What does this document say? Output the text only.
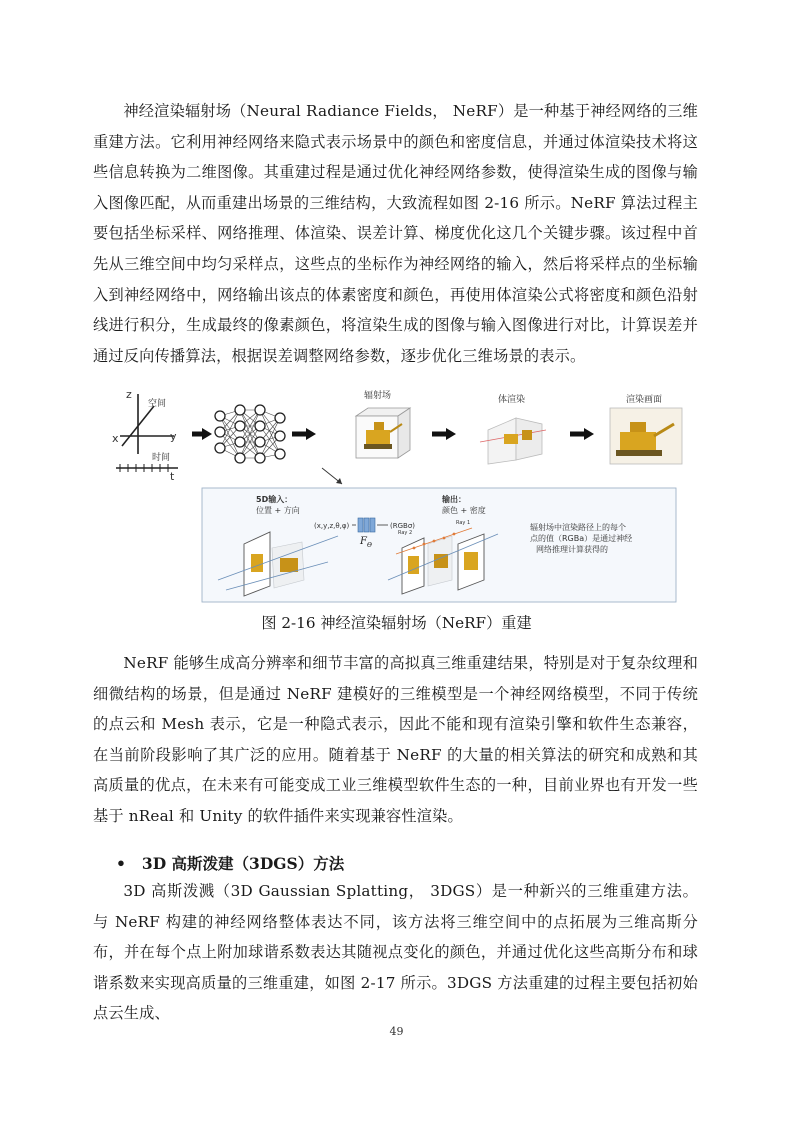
神经渲染辐射场（Neural Radiance Fields， NeRF）是一种基于神经网络的三维重建方法。它利用神经网络来隐式表示场景中的颜色和密度信息，并通过体渲染技术将这些信息转换为二维图像。其重建过程是通过优化神经网络参数，使得渲染生成的图像与输入图像匹配，从而重建出场景的三维结构，大致流程如图 2-16 所示。NeRF 算法过程主要包括坐标采样、网络推理、体渲染、误差计算、梯度优化这几个关键步骤。该过程中首先从三维空间中均匀采样点，这些点的坐标作为神经网络的输入，然后将采样点的坐标输入到神经网络中，网络输出该点的体素密度和颜色，再使用体渲染公式将密度和颜色沿射线进行积分，生成最终的像素颜色，将渲染生成的图像与输入图像进行对比，计算误差并通过反向传播算法，根据误差调整网络参数，逐步优化三维场景的表示。

z
x	y
空间
时间
t
辐射场	体渲染	渲染画面
5D输入：
位置 + 方向
输出：
颜色 + 密度
(x,y,z,θ,φ)	(RGBσ)
F Θ
Ray 2
Ray 1	辐射场中渲染路径上的每个
点的值（RGBa）是通过神经
网络推理计算获得的

图 2-16 神经渲染辐射场（NeRF）重建

NeRF 能够生成高分辨率和细节丰富的高拟真三维重建结果，特别是对于复杂纹理和细微结构的场景，但是通过 NeRF 建模好的三维模型是一个神经网络模型，不同于传统的点云和 Mesh 表示，它是一种隐式表示，因此不能和现有渲染引擎和软件生态兼容，在当前阶段影响了其广泛的应用。随着基于 NeRF 的大量的相关算法的研究和成熟和其高质量的优点，在未来有可能变成工业三维模型软件生态的一种，目前业界也有开发一些基于 nReal 和 Unity 的软件插件来实现兼容性渲染。

• 3D 高斯泼建（3DGS）方法

3D 高斯泼溅（3D Gaussian Splatting， 3DGS）是一种新兴的三维重建方法。与 NeRF 构建的神经网络整体表达不同，该方法将三维空间中的点拓展为三维高斯分布，并在每个点上附加球谐系数表达其随视点变化的颜色，并通过优化这些高斯分布和球谐系数来实现高质量的三维重建，如图 2-17 所示。3DGS 方法重建的过程主要包括初始点云生成、

49
